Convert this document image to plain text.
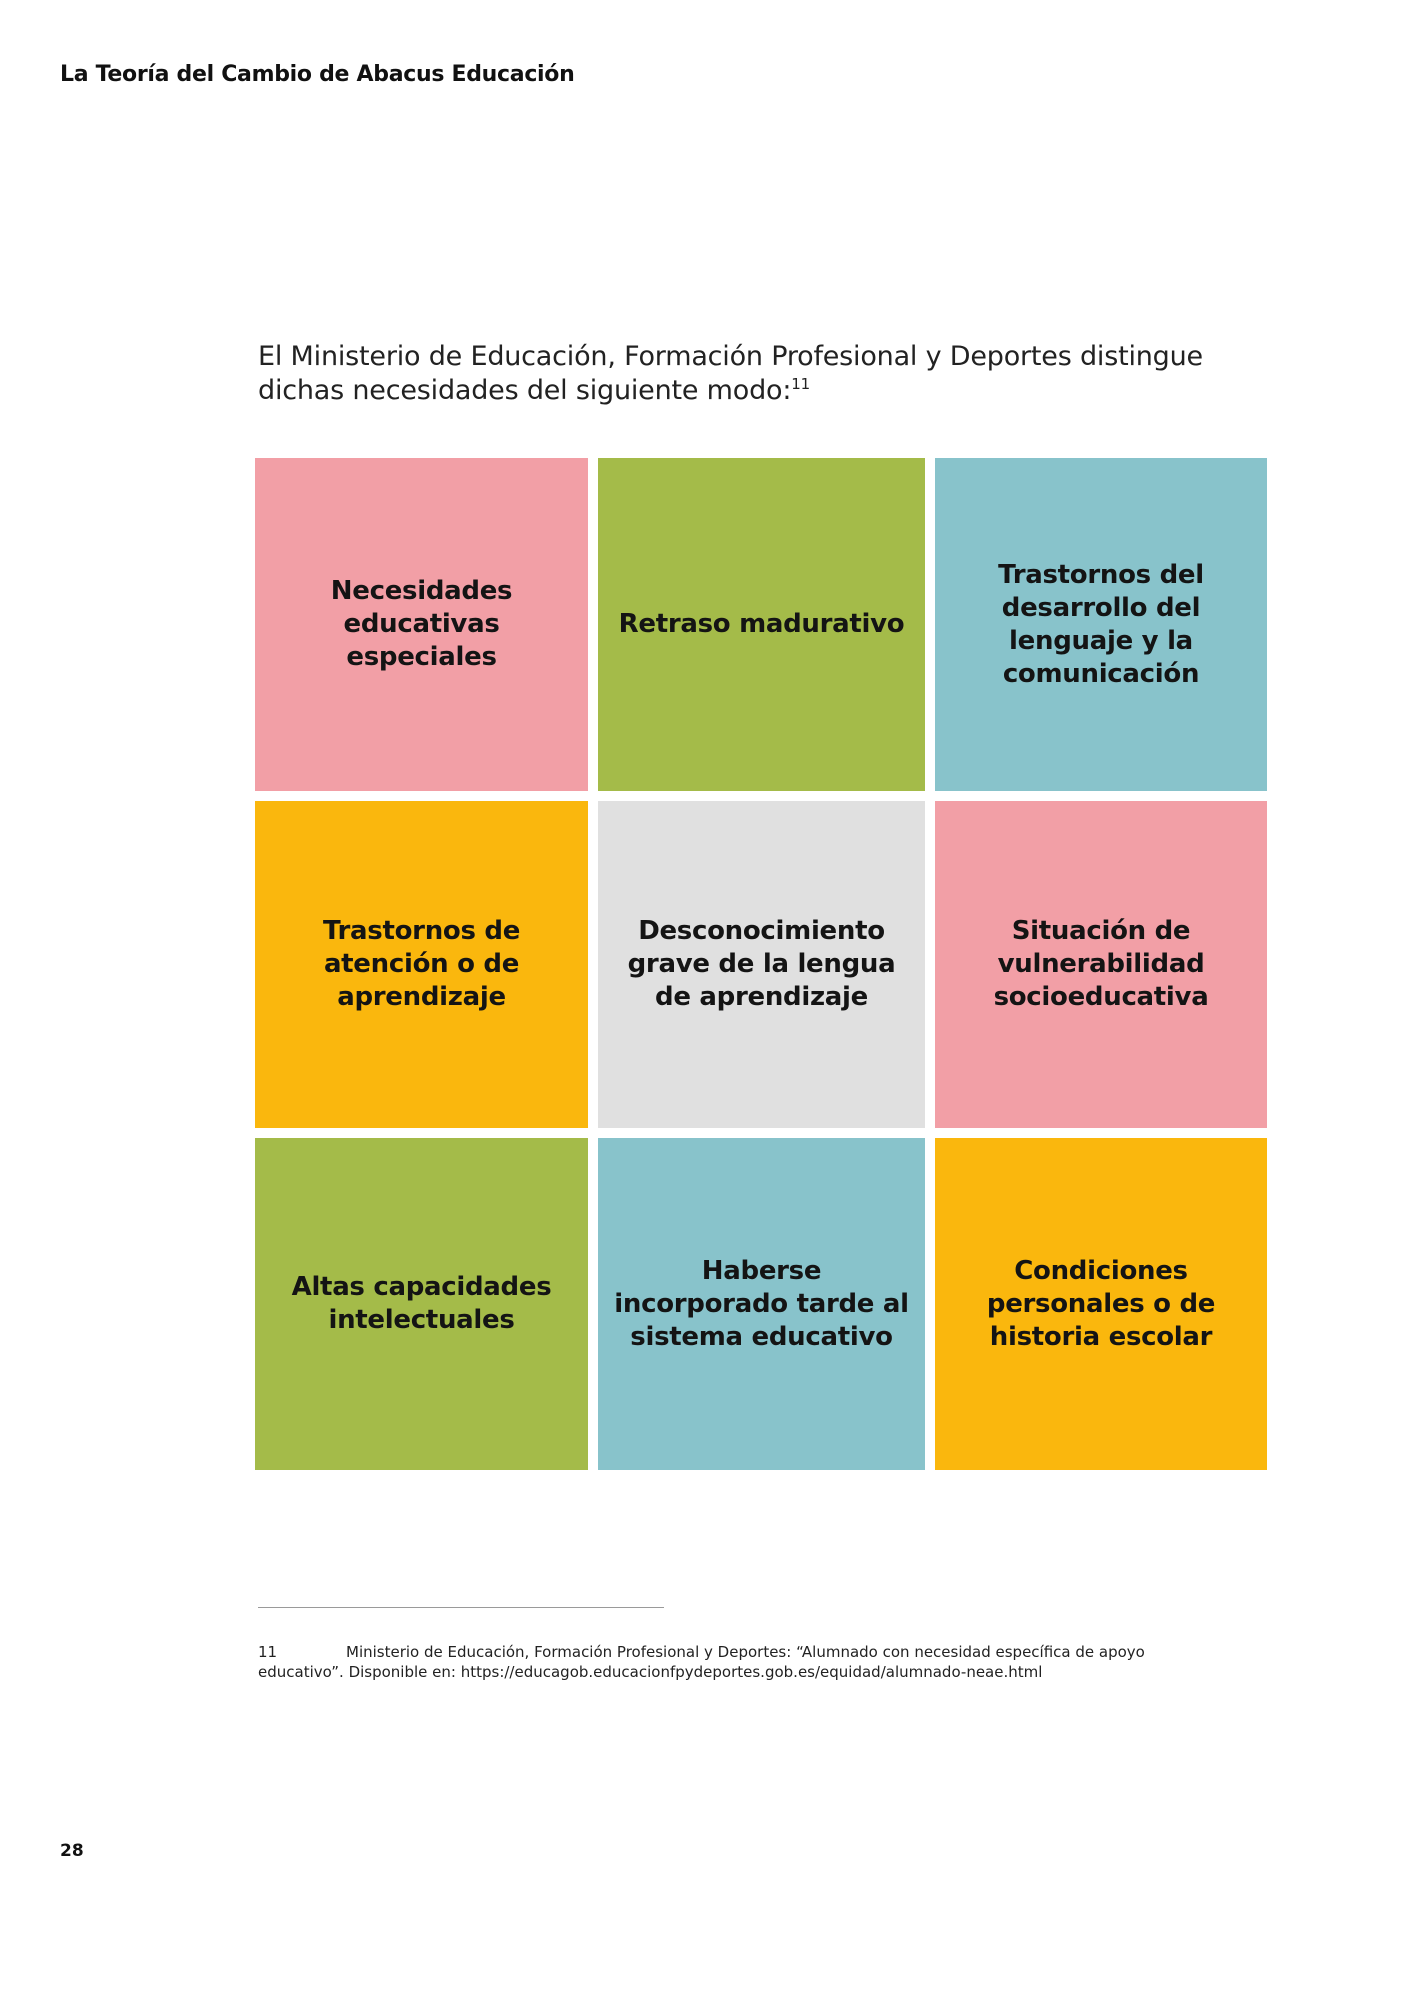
La Teoría del Cambio de Abacus Educación
El Ministerio de Educación, Formación Profesional y Deportes distingue dichas necesidades del siguiente modo:$^{11}$
Necesidades educativas especiales
Retraso madurativo
Trastornos del desarrollo del lenguaje y la comunicación
Trastornos de atención o de aprendizaje
Desconocimiento grave de la lengua de aprendizaje
Situación de vulnerabilidad socioeducativa
Altas capacidades intelectuales
Haberse incorporado tarde al sistema educativo
Condiciones personales o de historia escolar
11	Ministerio de Educación, Formación Profesional y Deportes: “Alumnado con necesidad específica de apoyo educativo”. Disponible en: https://educagob.educacionfpydeportes.gob.es/equidad/alumnado-neae.html
28
